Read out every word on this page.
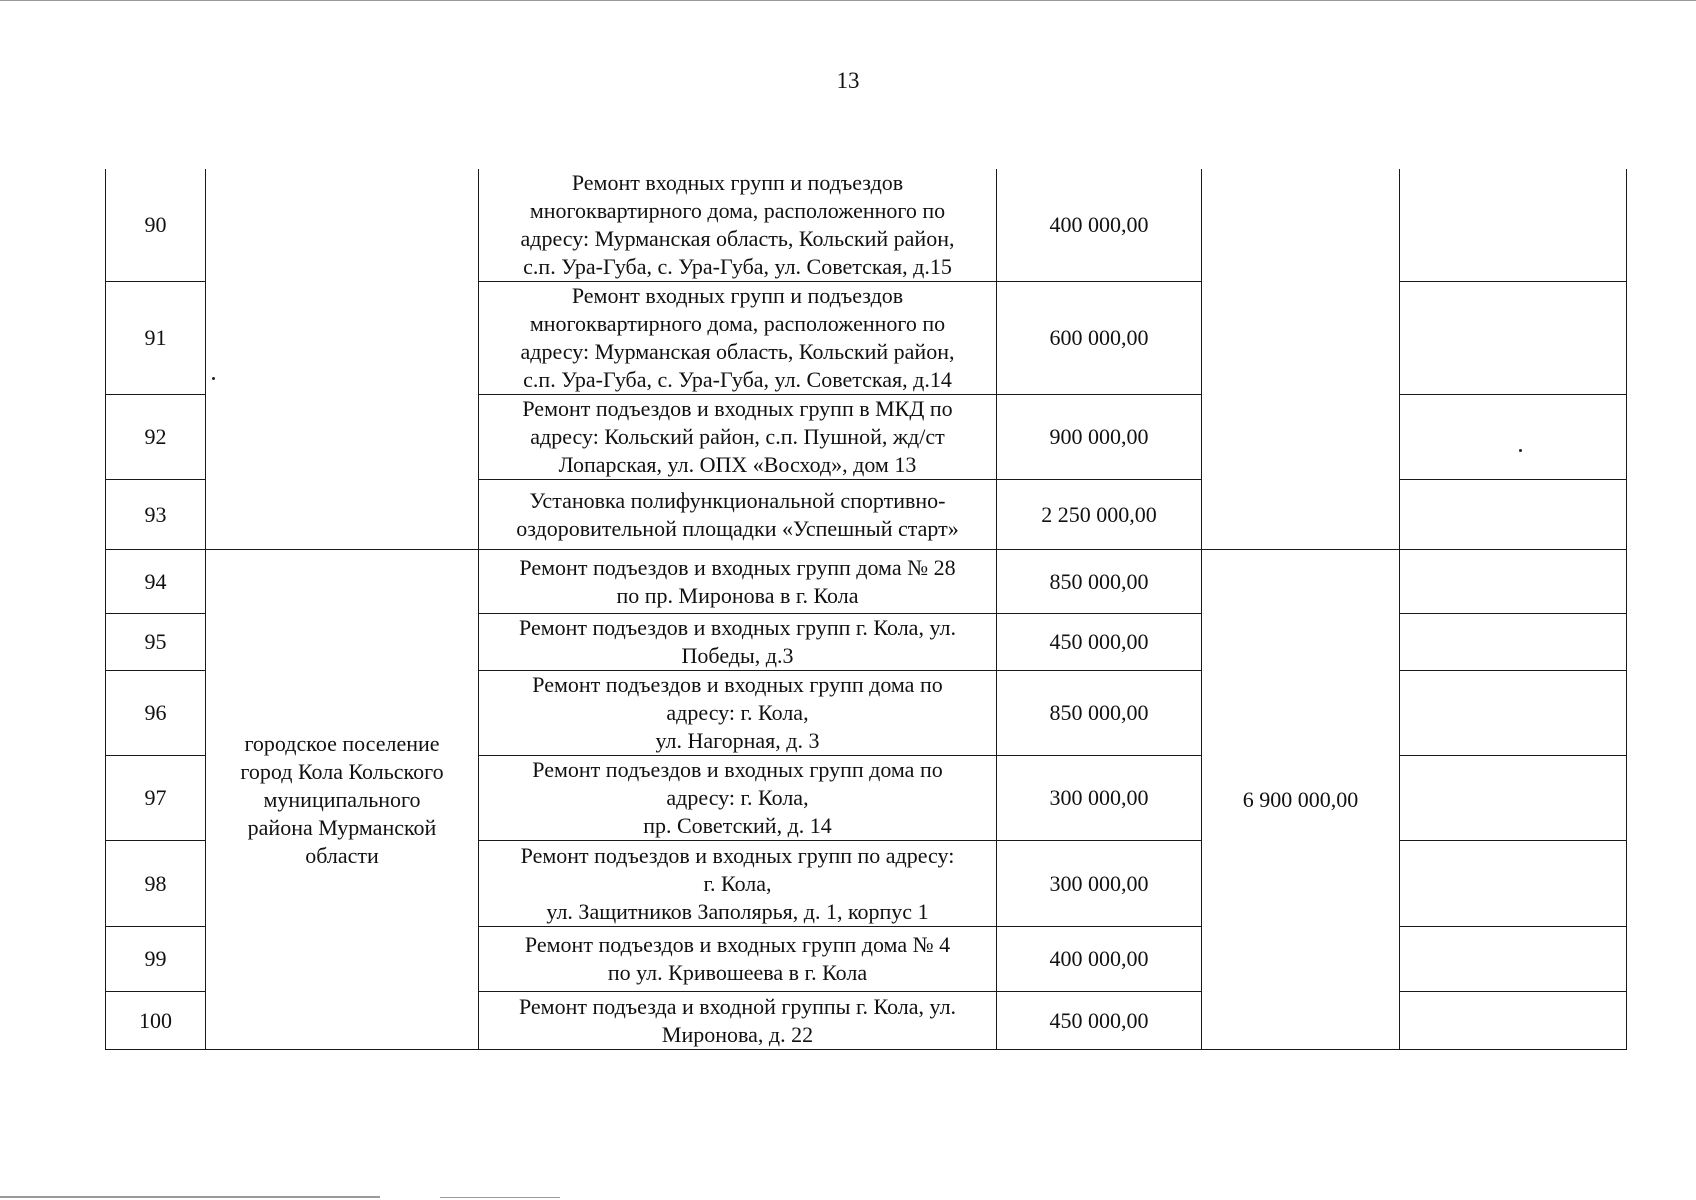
13
90		Ремонт входных групп и подъездов
многоквартирного дома, расположенного по
адресу: Мурманская область, Кольский район,
с.п. Ура-Губа, с. Ура-Губа, ул. Советская, д.15	400 000,00		
91		Ремонт входных групп и подъездов
многоквартирного дома, расположенного по
адресу: Мурманская область, Кольский район,
с.п. Ура-Губа, с. Ура-Губа, ул. Советская, д.14	600 000,00		
92		Ремонт подъездов и входных групп в МКД по
адресу: Кольский район, с.п. Пушной, жд/ст
Лопарская, ул. ОПХ «Восход», дом 13	900 000,00		
93		Установка полифункциональной спортивно-
оздоровительной площадки «Успешный старт»	2 250 000,00		
94	городское поселение
город Кола Кольского
муниципального
района Мурманской
области	Ремонт подъездов и входных групп дома № 28
по пр. Миронова в г. Кола	850 000,00	6 900 000,00	
95		Ремонт подъездов и входных групп г. Кола, ул.
Победы, д.3	450 000,00		
96		Ремонт подъездов и входных групп дома по
адресу: г. Кола,
ул. Нагорная, д. 3	850 000,00		
97		Ремонт подъездов и входных групп дома по
адресу: г. Кола,
пр. Советский, д. 14	300 000,00		
98		Ремонт подъездов и входных групп по адресу:
г. Кола,
ул. Защитников Заполярья, д. 1, корпус 1	300 000,00		
99		Ремонт подъездов и входных групп дома № 4
по ул. Кривошеева в г. Кола	400 000,00		
100		Ремонт подъезда и входной группы г. Кола, ул.
Миронова, д. 22	450 000,00		
